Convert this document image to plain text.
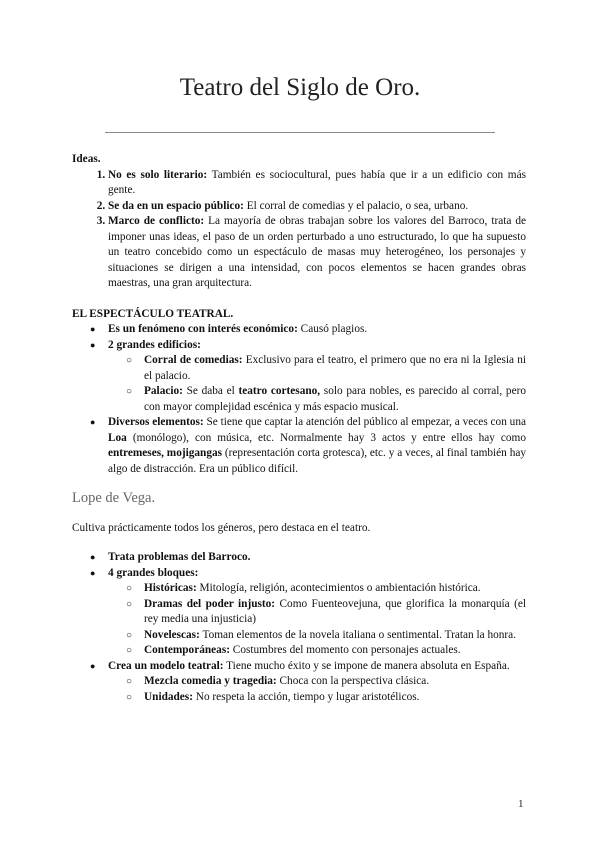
Teatro del Siglo de Oro.

Ideas.

1. No es solo literario: También es sociocultural, pues había que ir a un edificio con más gente.
2. Se da en un espacio público: El corral de comedias y el palacio, o sea, urbano.
3. Marco de conflicto: La mayoría de obras trabajan sobre los valores del Barroco, trata de imponer unas ideas, el paso de un orden perturbado a uno estructurado, lo que ha supuesto un teatro concebido como un espectáculo de masas muy heterogéneo, los personajes y situaciones se dirigen a una intensidad, con pocos elementos se hacen grandes obras maestras, una gran arquitectura.

EL ESPECTÁCULO TEATRAL.

● Es un fenómeno con interés económico: Causó plagios.
● 2 grandes edificios:
○ Corral de comedias: Exclusivo para el teatro, el primero que no era ni la Iglesia ni el palacio.
○ Palacio: Se daba el teatro cortesano, solo para nobles, es parecido al corral, pero con mayor complejidad escénica y más espacio musical.
● Diversos elementos: Se tiene que captar la atención del público al empezar, a veces con una Loa (monólogo), con música, etc. Normalmente hay 3 actos y entre ellos hay como entremeses, mojigangas (representación corta grotesca), etc. y a veces, al final también hay algo de distracción. Era un público difícil.

Lope de Vega.

Cultiva prácticamente todos los géneros, pero destaca en el teatro.

● Trata problemas del Barroco.
● 4 grandes bloques:
○ Históricas: Mitología, religión, acontecimientos o ambientación histórica.
○ Dramas del poder injusto: Como Fuenteovejuna, que glorifica la monarquía (el rey media una injusticia)
○ Novelescas: Toman elementos de la novela italiana o sentimental. Tratan la honra.
○ Contemporáneas: Costumbres del momento con personajes actuales.
● Crea un modelo teatral: Tiene mucho éxito y se impone de manera absoluta en España.
○ Mezcla comedia y tragedia: Choca con la perspectiva clásica.
○ Unidades: No respeta la acción, tiempo y lugar aristotélicos.
1
